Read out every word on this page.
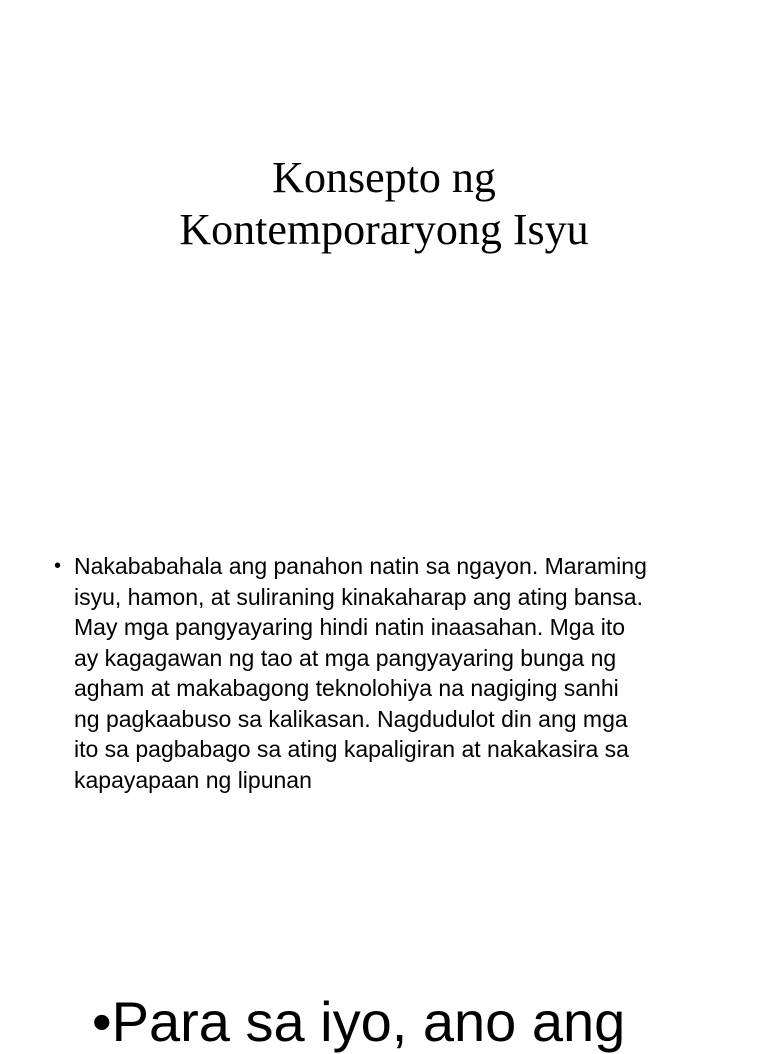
Konsepto ng
Kontemporaryong Isyu
• Nakababahala ang panahon natin sa ngayon. Maraming
isyu, hamon, at suliraning kinakaharap ang ating bansa.
May mga pangyayaring hindi natin inaasahan. Mga ito
ay kagagawan ng tao at mga pangyayaring bunga ng
agham at makabagong teknolohiya na nagiging sanhi
ng pagkaabuso sa kalikasan. Nagdudulot din ang mga
ito sa pagbabago sa ating kapaligiran at nakakasira sa
kapayapaan ng lipunan
•Para sa iyo, ano ang
